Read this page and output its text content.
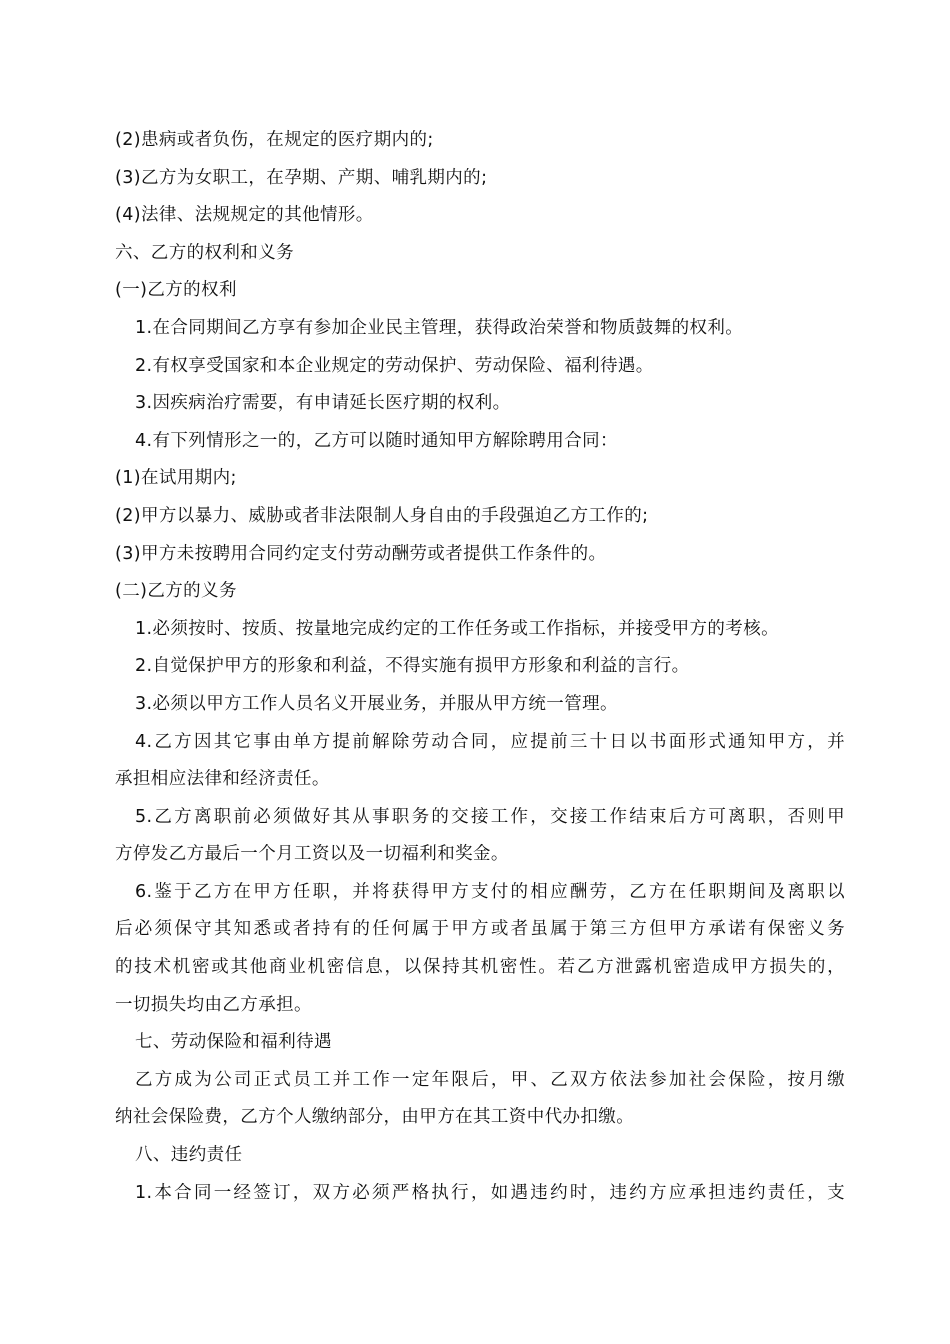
(2)患病或者负伤，在规定的医疗期内的;
(3)乙方为女职工，在孕期、产期、哺乳期内的;
(4)法律、法规规定的其他情形。
六、乙方的权利和义务
(一)乙方的权利
1.在合同期间乙方享有参加企业民主管理，获得政治荣誉和物质鼓舞的权利。
2.有权享受国家和本企业规定的劳动保护、劳动保险、福利待遇。
3.因疾病治疗需要，有申请延长医疗期的权利。
4.有下列情形之一的，乙方可以随时通知甲方解除聘用合同：
(1)在试用期内;
(2)甲方以暴力、威胁或者非法限制人身自由的手段强迫乙方工作的;
(3)甲方未按聘用合同约定支付劳动酬劳或者提供工作条件的。
(二)乙方的义务
1.必须按时、按质、按量地完成约定的工作任务或工作指标，并接受甲方的考核。
2.自觉保护甲方的形象和利益，不得实施有损甲方形象和利益的言行。
3.必须以甲方工作人员名义开展业务，并服从甲方统一管理。
4.乙方因其它事由单方提前解除劳动合同，应提前三十日以书面形式通知甲方，并
承担相应法律和经济责任。
5.乙方离职前必须做好其从事职务的交接工作，交接工作结束后方可离职，否则甲
方停发乙方最后一个月工资以及一切福利和奖金。
6.鉴于乙方在甲方任职，并将获得甲方支付的相应酬劳，乙方在任职期间及离职以
后必须保守其知悉或者持有的任何属于甲方或者虽属于第三方但甲方承诺有保密义务
的技术机密或其他商业机密信息，以保持其机密性。若乙方泄露机密造成甲方损失的，
一切损失均由乙方承担。
七、劳动保险和福利待遇
乙方成为公司正式员工并工作一定年限后，甲、乙双方依法参加社会保险，按月缴
纳社会保险费，乙方个人缴纳部分，由甲方在其工资中代办扣缴。
八、违约责任
1.本合同一经签订，双方必须严格执行，如遇违约时，违约方应承担违约责任，支
